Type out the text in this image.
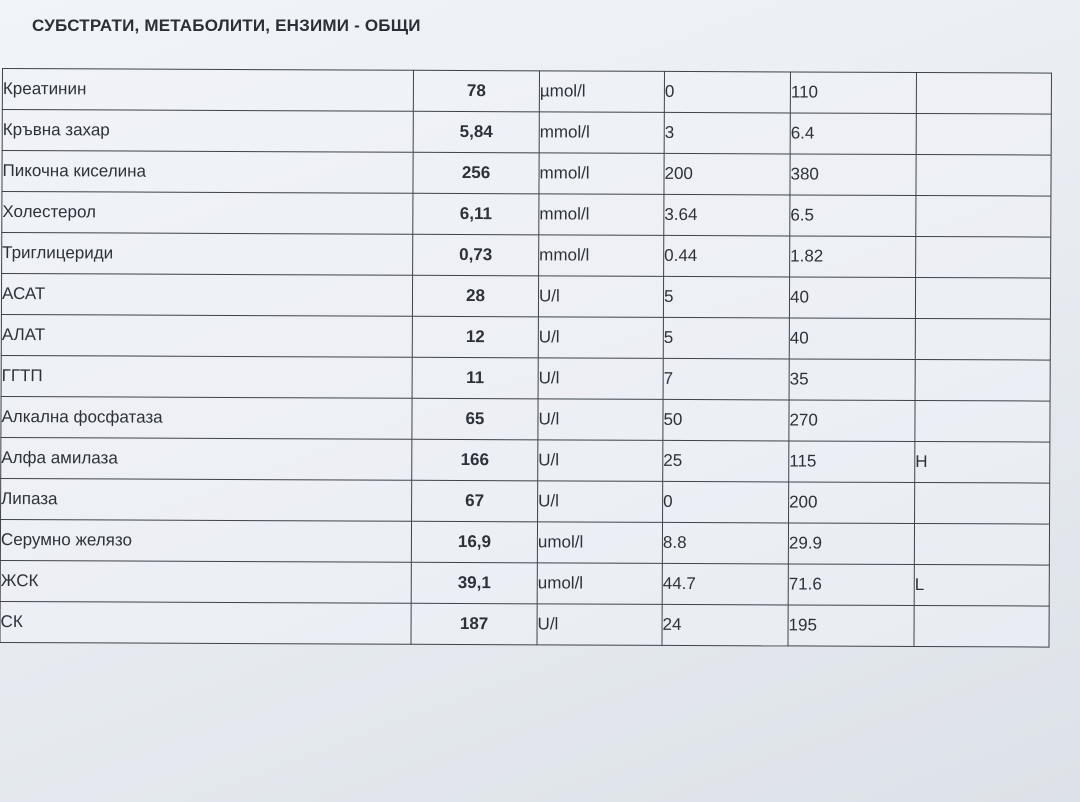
СУБСТРАТИ, МЕТАБОЛИТИ, ЕНЗИМИ - ОБЩИ
Креатинин	78	µmol/l	0	110	
Кръвна захар	5,84	mmol/l	3	6.4	
Пикочна киселина	256	mmol/l	200	380	
Холестерол	6,11	mmol/l	3.64	6.5	
Триглицериди	0,73	mmol/l	0.44	1.82	
АСАТ	28	U/l	5	40	
АЛАТ	12	U/l	5	40	
ГГТП	11	U/l	7	35	
Алкална фосфатаза	65	U/l	50	270	
Алфа амилаза	166	U/l	25	115	H
Липаза	67	U/l	0	200	
Серумно желязо	16,9	umol/l	8.8	29.9	
ЖСК	39,1	umol/l	44.7	71.6	L
СК	187	U/l	24	195	
